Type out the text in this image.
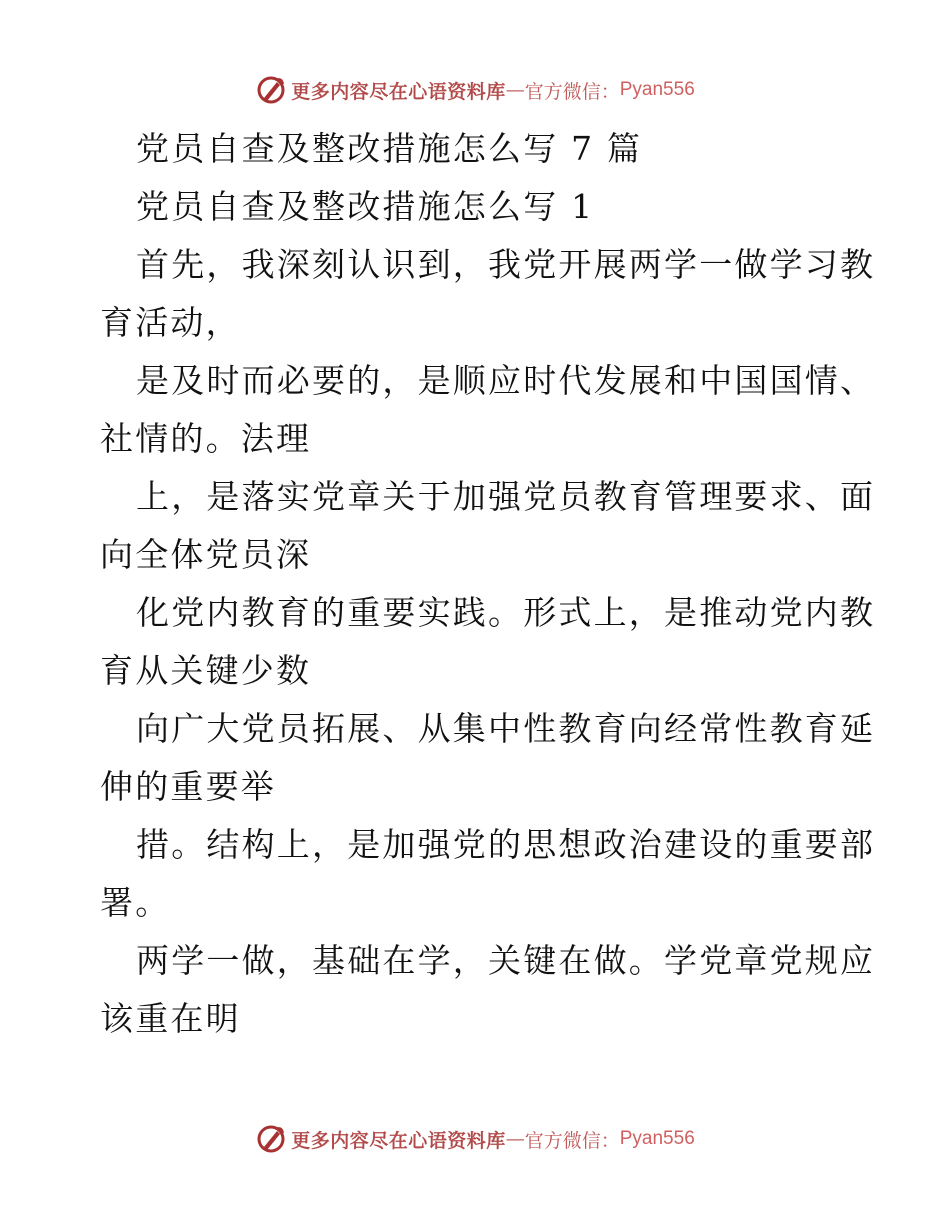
更多内容尽在心语资料库 — 官方微信： Pyan556
党员自查及整改措施怎么写 7 篇
党员自查及整改措施怎么写 1
首先，我深刻认识到，我党开展两学一做学习教
育活动，
是及时而必要的，是顺应时代发展和中国国情、
社情的。法理
上，是落实党章关于加强党员教育管理要求、面
向全体党员深
化党内教育的重要实践。形式上，是推动党内教
育从关键少数
向广大党员拓展、从集中性教育向经常性教育延
伸的重要举
措。结构上，是加强党的思想政治建设的重要部
署。
两学一做，基础在学，关键在做。学党章党规应
该重在明
更多内容尽在心语资料库 — 官方微信： Pyan556
